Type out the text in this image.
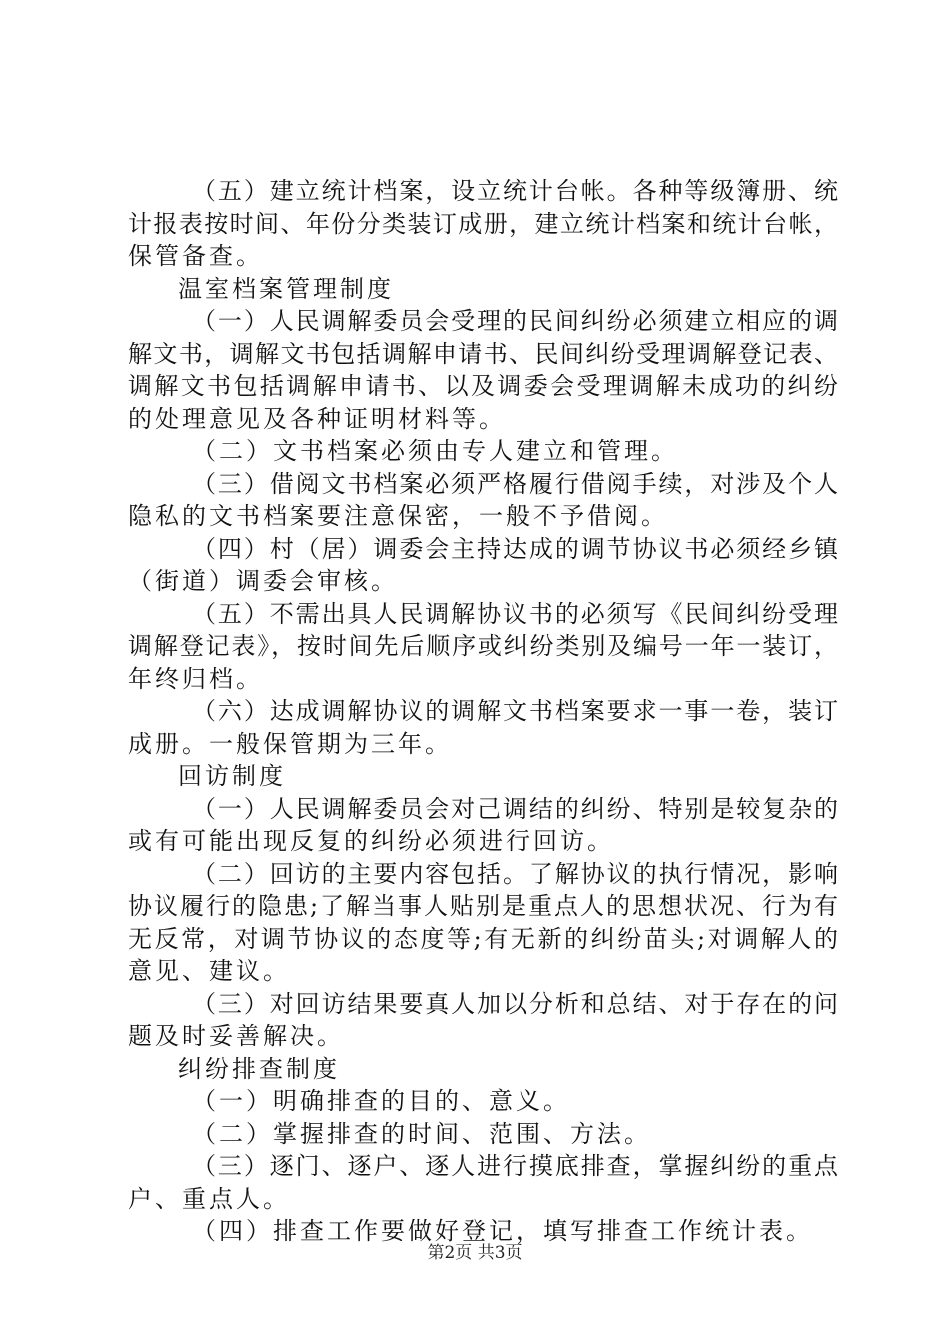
（五）建立统计档案，设立统计台帐。各种等级簿册、统
计报表按时间、年份分类装订成册，建立统计档案和统计台帐，
保管备查。
温室档案管理制度
（一）人民调解委员会受理的民间纠纷必须建立相应的调
解文书，调解文书包括调解申请书、民间纠纷受理调解登记表、
调解文书包括调解申请书、以及调委会受理调解未成功的纠纷
的处理意见及各种证明材料等。
（二）文书档案必须由专人建立和管理。
（三）借阅文书档案必须严格履行借阅手续，对涉及个人
隐私的文书档案要注意保密，一般不予借阅。
（四）村（居）调委会主持达成的调节协议书必须经乡镇
（街道）调委会审核。
（五）不需出具人民调解协议书的必须写《民间纠纷受理
调解登记表》，按时间先后顺序或纠纷类别及编号一年一装订，
年终归档。
（六）达成调解协议的调解文书档案要求一事一卷，装订
成册。一般保管期为三年。
回访制度
（一）人民调解委员会对己调结的纠纷、特别是较复杂的
或有可能出现反复的纠纷必须进行回访。
（二）回访的主要内容包括。了解协议的执行情况，影响
协议履行的隐患;了解当事人贴别是重点人的思想状况、行为有
无反常，对调节协议的态度等;有无新的纠纷苗头;对调解人的
意见、建议。
（三）对回访结果要真人加以分析和总结、对于存在的问
题及时妥善解决。
纠纷排查制度
（一）明确排查的目的、意义。
（二）掌握排查的时间、范围、方法。
（三）逐门、逐户、逐人进行摸底排查，掌握纠纷的重点
户、重点人。
（四）排查工作要做好登记，填写排查工作统计表。
第2页 共3页
